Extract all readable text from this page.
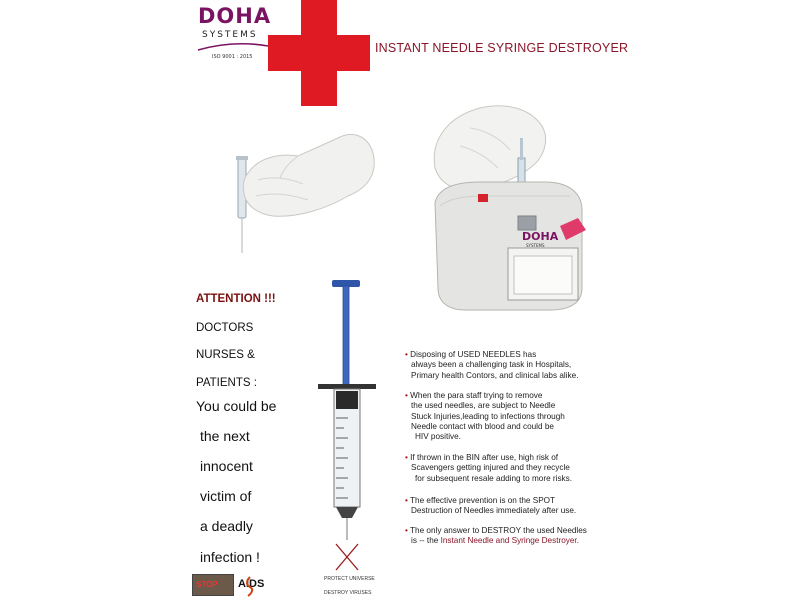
DOHA
SYSTEMS
ISO 9001 : 2015
INSTANT NEEDLE SYRINGE DESTROYER
DOHA
SYSTEMS
PROTECT UNIVERSE

DESTROY VIRUSES
ATTENTION !!!
DOCTORS
NURSES &
PATIENTS :
You could be
the next
innocent
victim of
a deadly
infection !
• Disposing of USED NEEDLES has
always been a challenging task in Hospitals,
Primary health Contors, and clinical labs alike.
• When the para staff trying to remove
the used needles, are subject to Needle
Stuck Injuries,leading to infections through
Needle contact with blood and could be
HIV positive.
• If thrown in the BIN after use, high risk of
Scavengers getting injured and they recycle
for subsequent resale adding to more risks.
• The effective prevention is on the SPOT
Destruction of Needles immediately after use.
• The only answer to DESTROY the used Needles
is -- the Instant Needle and Syringe Destroyer.
STOP AIDS
